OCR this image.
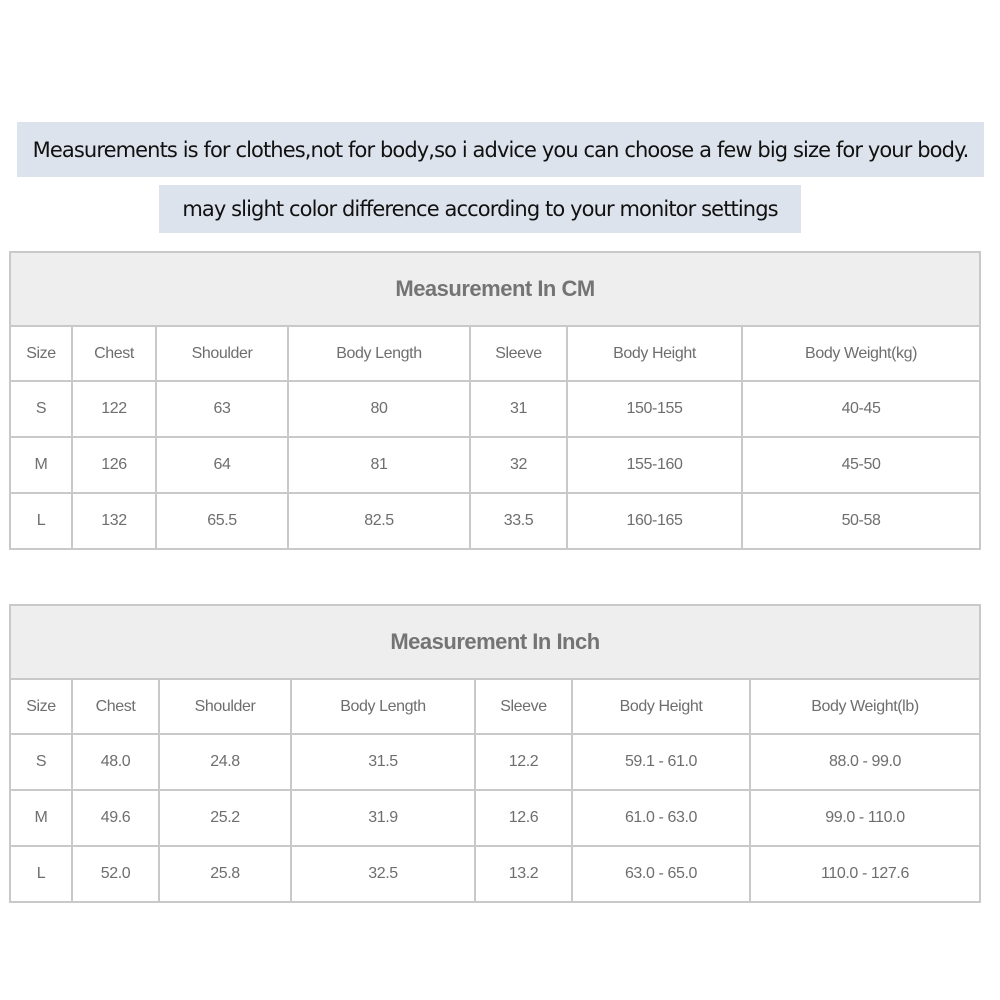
Measurements is for clothes,not for body,so i advice you can choose a few big size for your body.
may slight color difference according to your monitor settings
Measurement In CM						
Size	Chest	Shoulder	Body Length	Sleeve	Body Height	Body Weight(kg)
S	122	63	80	31	150-155	40-45
M	126	64	81	32	155-160	45-50
L	132	65.5	82.5	33.5	160-165	50-58
Measurement In Inch						
Size	Chest	Shoulder	Body Length	Sleeve	Body Height	Body Weight(lb)
S	48.0	24.8	31.5	12.2	59.1 - 61.0	88.0 - 99.0
M	49.6	25.2	31.9	12.6	61.0 - 63.0	99.0 - 110.0
L	52.0	25.8	32.5	13.2	63.0 - 65.0	110.0 - 127.6
